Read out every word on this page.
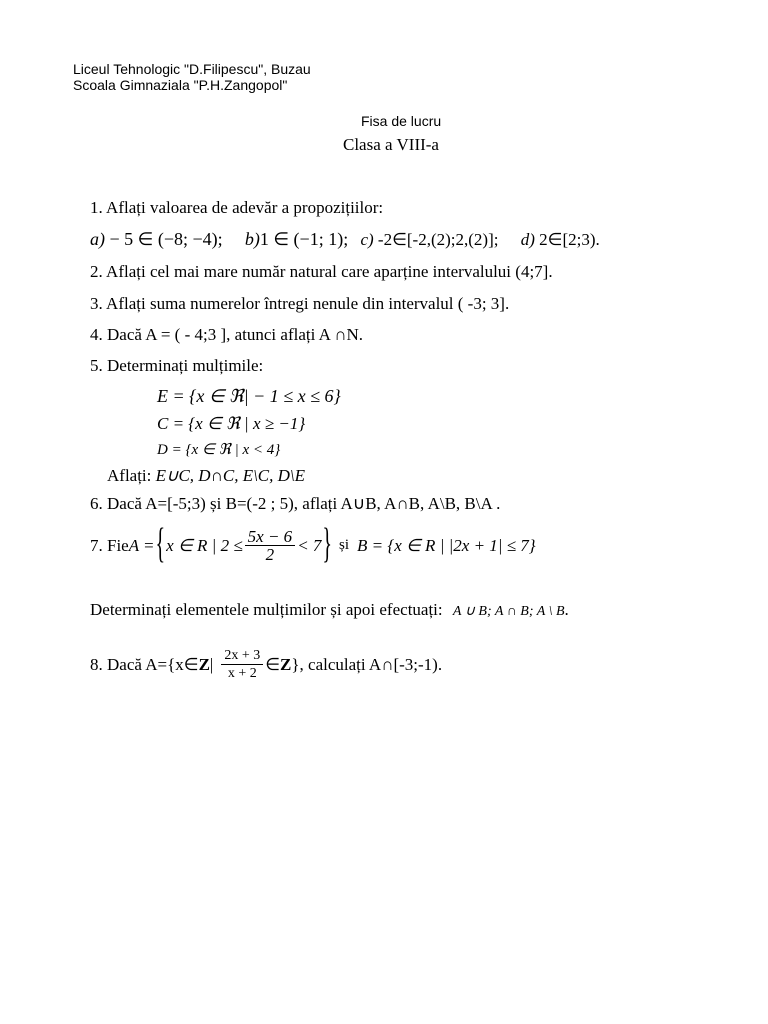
Liceul Tehnologic "D.Filipescu", Buzau
Scoala Gimnaziala "P.H.Zangopol"
Fisa de lucru
Clasa a VIII-a
1. Aflați valoarea de adevăr a propozițiilor:
a) − 5 ∈ (−8; −4); b)1 ∈ (−1; 1); c) -2∈[-2,(2);2,(2)]; d) 2∈[2;3).
2. Aflați cel mai mare număr natural care aparține intervalului (4;7].
3. Aflați suma numerelor întregi nenule din intervalul ( -3; 3].
4. Dacă A = ( - 4;3 ], atunci aflați A ∩N.
5. Determinați mulțimile:
E = {x ∈ ℜ| − 1 ≤ x ≤ 6}
C = {x ∈ ℜ | x ≥ −1}
D = {x ∈ ℜ | x < 4}
Aflați: E∪C, D∩C, E\C, D\E
6. Dacă A=[-5;3) și B=(-2 ; 5), aflați A∪B, A∩B, A\B, B\A .
7. Fie A = { x ∈ R | $2 \le \frac{5x - 6}{2} < 7$ } și B = {x ∈ R | |2x + 1| ≤ 7}
Determinați elementele mulțimilor și apoi efectuați: A ∪ B; A ∩ B; A \ B.
8. Dacă A={x∈ Z | $\frac{2x + 3}{x + 2}$ ∈ Z }, calculați A∩[-3;-1).
